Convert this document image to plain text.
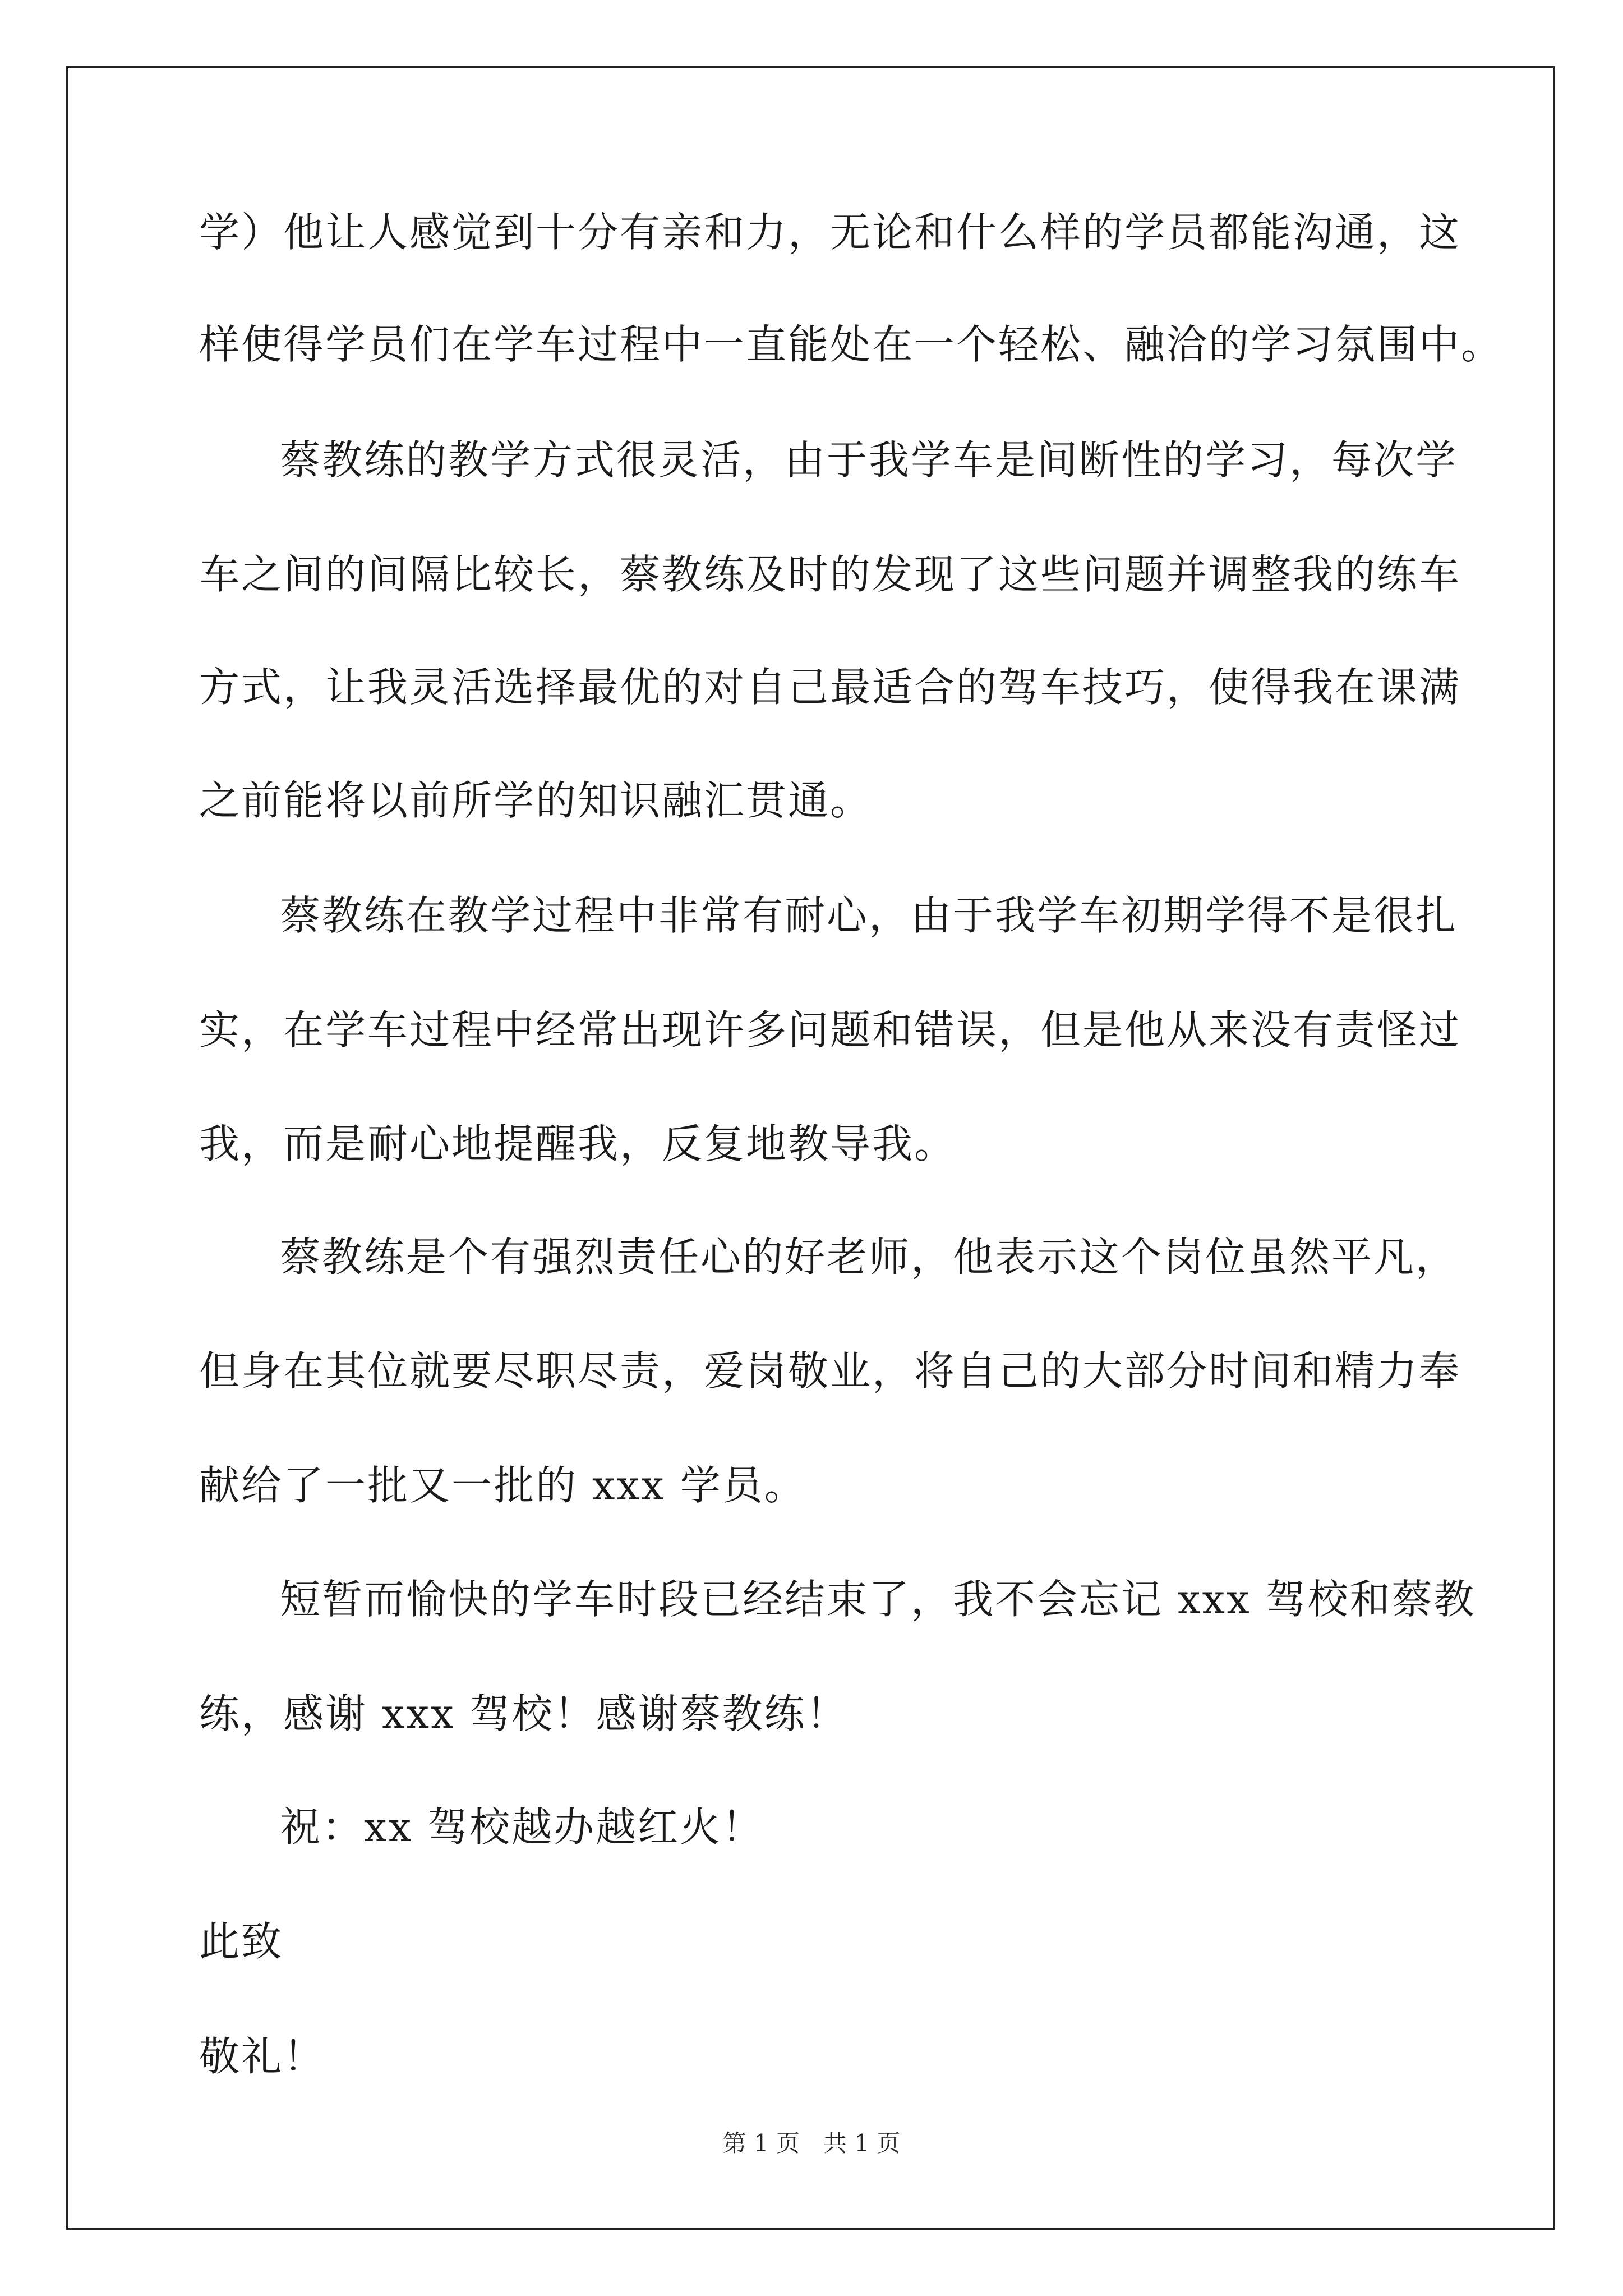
学）他让人感觉到十分有亲和力，无论和什么样的学员都能沟通，这
样使得学员们在学车过程中一直能处在一个轻松、融洽的学习氛围中。
蔡教练的教学方式很灵活，由于我学车是间断性的学习，每次学
车之间的间隔比较长，蔡教练及时的发现了这些问题并调整我的练车
方式，让我灵活选择最优的对自己最适合的驾车技巧，使得我在课满
之前能将以前所学的知识融汇贯通。
蔡教练在教学过程中非常有耐心，由于我学车初期学得不是很扎
实，在学车过程中经常出现许多问题和错误，但是他从来没有责怪过
我，而是耐心地提醒我，反复地教导我。
蔡教练是个有强烈责任心的好老师，他表示这个岗位虽然平凡，
但身在其位就要尽职尽责，爱岗敬业，将自己的大部分时间和精力奉
献给了一批又一批的 xxx 学员。
短暂而愉快的学车时段已经结束了，我不会忘记 xxx 驾校和蔡教
练，感谢 xxx 驾校！感谢蔡教练！
祝：xx 驾校越办越红火！
此致
敬礼！
第 1 页　共 1 页
